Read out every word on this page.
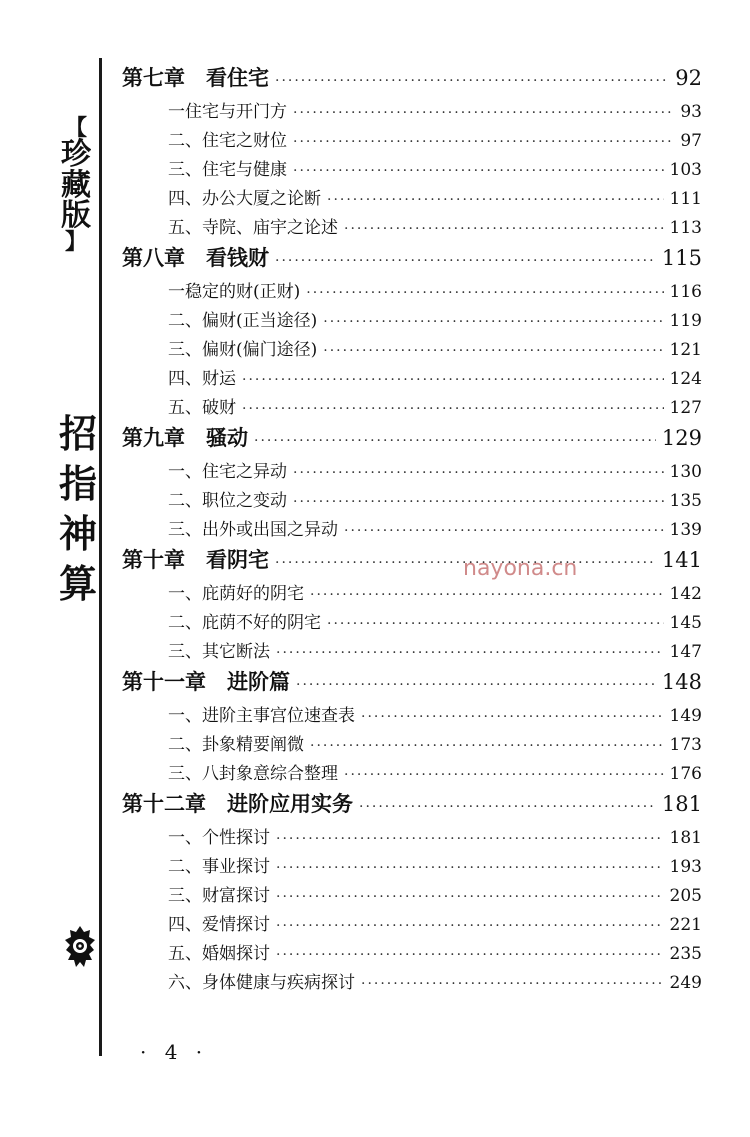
【
珍
藏
版
】
招
指
神
算	nayona.cn
第七章　看住宅 ·····	92
一住宅与开门方 ·····	93
二、住宅之财位 ·····	97
三、住宅与健康 ·····	103
四、办公大厦之论断 ·····	111
五、寺院、庙宇之论述 ·····	113
第八章　看钱财 ·····	115
一稳定的财(正财) ·····	116
二、偏财(正当途径) ·····	119
三、偏财(偏门途径) ·····	121
四、财运 ·····	124
五、破财 ·····	127
第九章　骚动 ·····	129
一、住宅之异动 ·····	130
二、职位之变动 ·····	135
三、出外或出国之异动 ·····	139
第十章　看阴宅 ·····	141
一、庇荫好的阴宅 ·····	142
二、庇荫不好的阴宅 ·····	145
三、其它断法 ·····	147
第十一章　进阶篇 ·····	148
一、进阶主事宫位速查表 ·····	149
二、卦象精要阐微 ·····	173
三、八封象意综合整理 ·····	176
第十二章　进阶应用实务 ·····	181
一、个性探讨 ·····	181
二、事业探讨 ·····	193
三、财富探讨 ·····	205
四、爱情探讨 ·····	221
五、婚姻探讨 ·····	235
六、身体健康与疾病探讨 ·····	249
· 4 ·
